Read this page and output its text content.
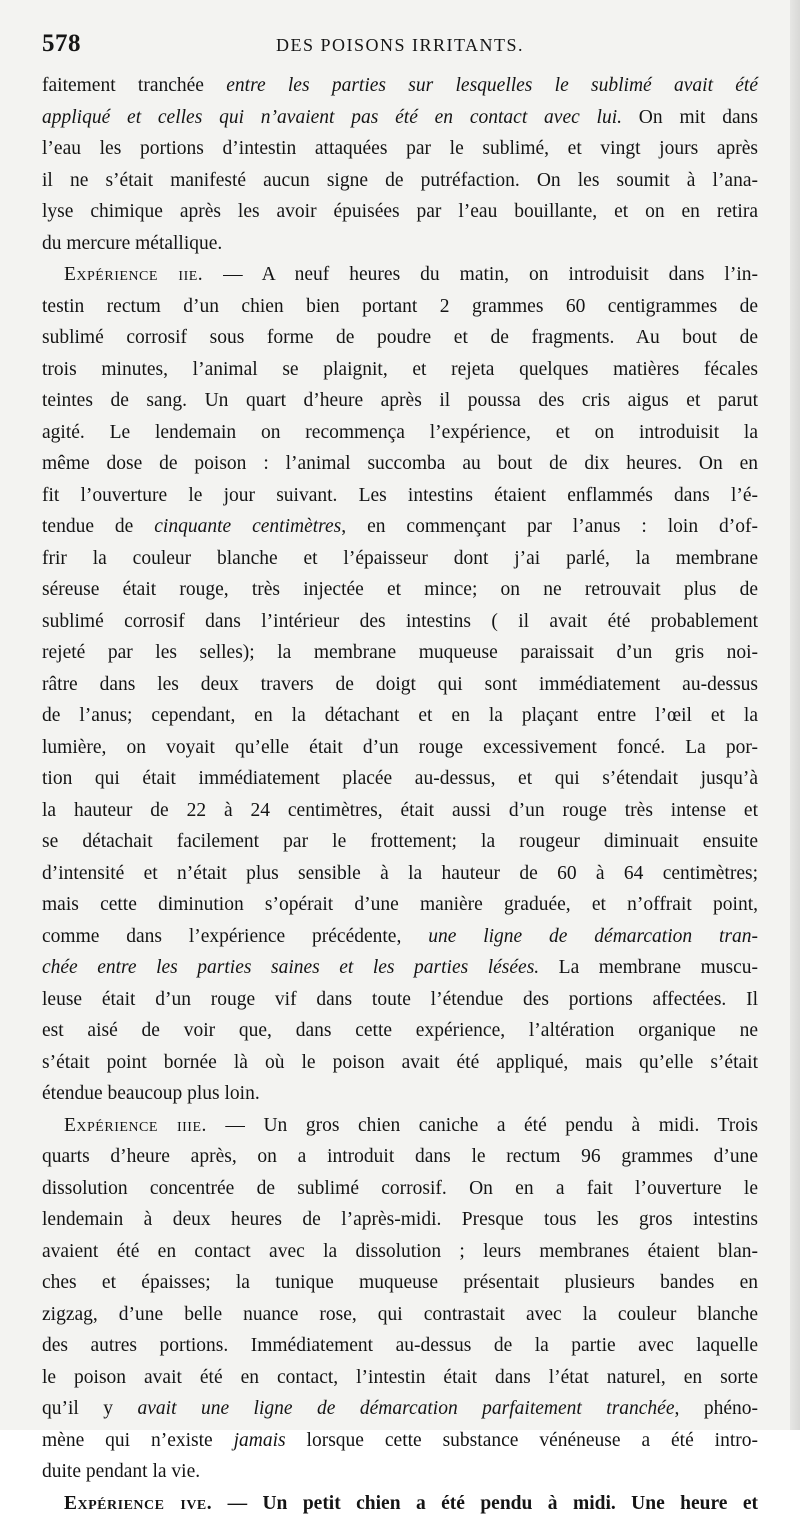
578	DES POISONS IRRITANTS.
faitement tranchée entre les parties sur lesquelles le sublimé avait été
appliqué et celles qui n’avaient pas été en contact avec lui. On mit dans
l’eau les portions d’intestin attaquées par le sublimé, et vingt jours après
il ne s’était manifesté aucun signe de putréfaction. On les soumit à l’ana-
lyse chimique après les avoir épuisées par l’eau bouillante, et on en retira
du mercure métallique.
Expérience iie. — A neuf heures du matin, on introduisit dans l’in-
testin rectum d’un chien bien portant 2 grammes 60 centigrammes de
sublimé corrosif sous forme de poudre et de fragments. Au bout de
trois minutes, l’animal se plaignit, et rejeta quelques matières fécales
teintes de sang. Un quart d’heure après il poussa des cris aigus et parut
agité. Le lendemain on recommença l’expérience, et on introduisit la
même dose de poison : l’animal succomba au bout de dix heures. On en
fit l’ouverture le jour suivant. Les intestins étaient enflammés dans l’é-
tendue de cinquante centimètres, en commençant par l’anus : loin d’of-
frir la couleur blanche et l’épaisseur dont j’ai parlé, la membrane
séreuse était rouge, très injectée et mince; on ne retrouvait plus de
sublimé corrosif dans l’intérieur des intestins ( il avait été probablement
rejeté par les selles); la membrane muqueuse paraissait d’un gris noi-
râtre dans les deux travers de doigt qui sont immédiatement au-dessus
de l’anus; cependant, en la détachant et en la plaçant entre l’œil et la
lumière, on voyait qu’elle était d’un rouge excessivement foncé. La por-
tion qui était immédiatement placée au-dessus, et qui s’étendait jusqu’à
la hauteur de 22 à 24 centimètres, était aussi d’un rouge très intense et
se détachait facilement par le frottement; la rougeur diminuait ensuite
d’intensité et n’était plus sensible à la hauteur de 60 à 64 centimètres;
mais cette diminution s’opérait d’une manière graduée, et n’offrait point,
comme dans l’expérience précédente, une ligne de démarcation tran-
chée entre les parties saines et les parties lésées. La membrane muscu-
leuse était d’un rouge vif dans toute l’étendue des portions affectées. Il
est aisé de voir que, dans cette expérience, l’altération organique ne
s’était point bornée là où le poison avait été appliqué, mais qu’elle s’était
étendue beaucoup plus loin.
Expérience iiie. — Un gros chien caniche a été pendu à midi. Trois
quarts d’heure après, on a introduit dans le rectum 96 grammes d’une
dissolution concentrée de sublimé corrosif. On en a fait l’ouverture le
lendemain à deux heures de l’après-midi. Presque tous les gros intestins
avaient été en contact avec la dissolution ; leurs membranes étaient blan-
ches et épaisses; la tunique muqueuse présentait plusieurs bandes en
zigzag, d’une belle nuance rose, qui contrastait avec la couleur blanche
des autres portions. Immédiatement au-dessus de la partie avec laquelle
le poison avait été en contact, l’intestin était dans l’état naturel, en sorte
qu’il y avait une ligne de démarcation parfaitement tranchée, phéno-
mène qui n’existe jamais lorsque cette substance vénéneuse a été intro-
duite pendant la vie.
Expérience ive. — Un petit chien a été pendu à midi. Une heure et
